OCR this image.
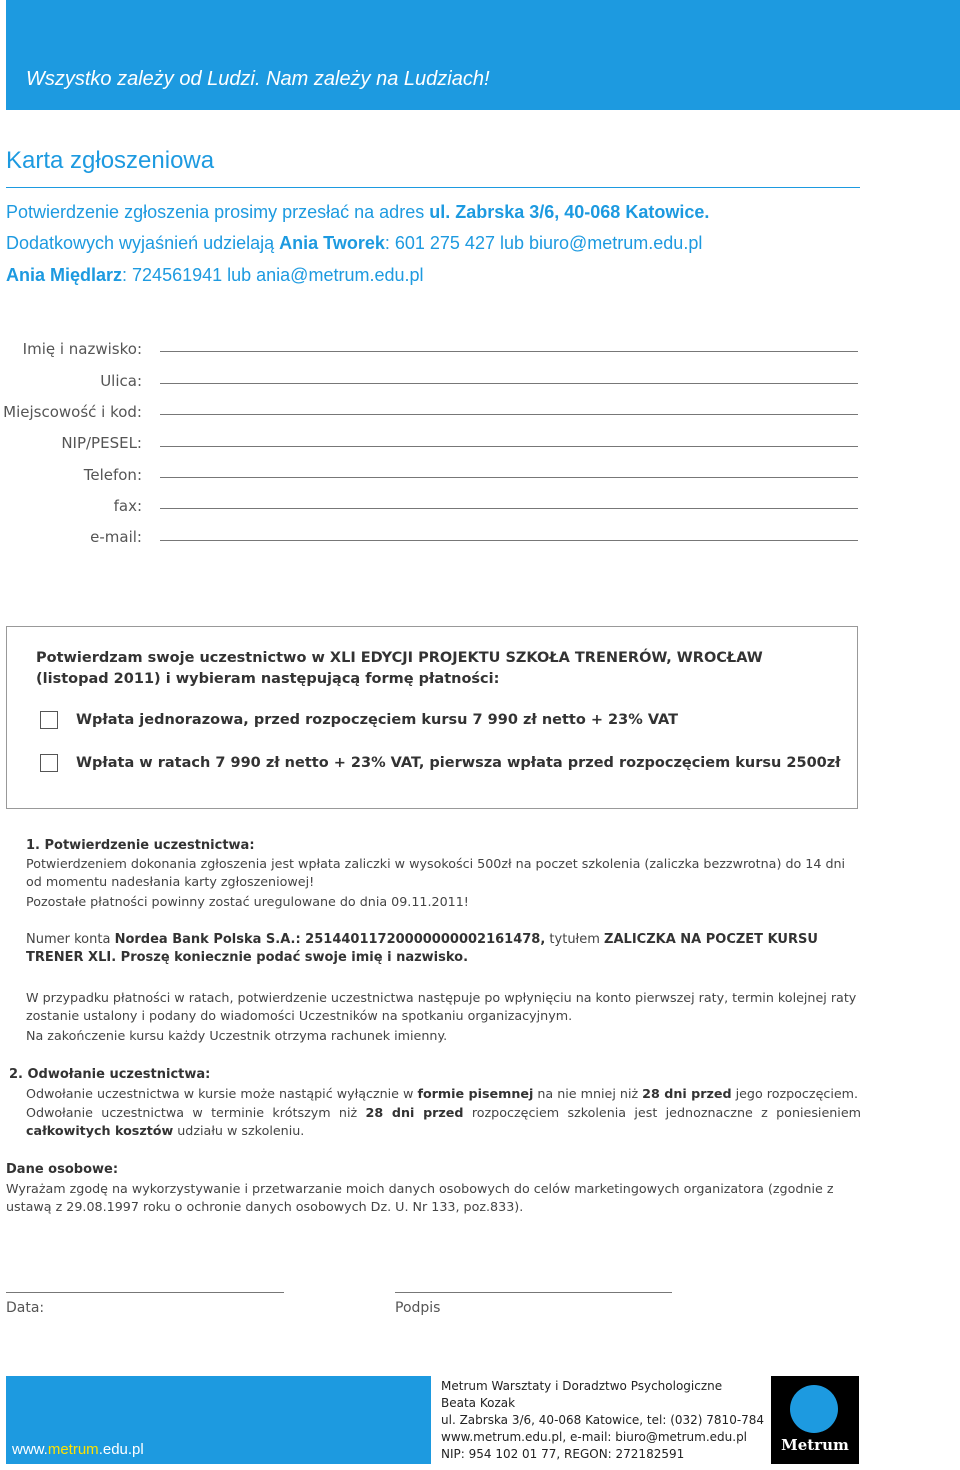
Wszystko zależy od Ludzi. Nam zależy na Ludziach!
Karta zgłoszeniowa
Potwierdzenie zgłoszenia prosimy przesłać na adres ul. Zabrska 3/6, 40-068 Katowice.
Dodatkowych wyjaśnień udzielają Ania Tworek: 601 275 427 lub biuro@metrum.edu.pl
Ania Międlarz: 724561941 lub ania@metrum.edu.pl
Imię i nazwisko:
Ulica:
Miejscowość i kod:
NIP/PESEL:
Telefon:
fax:
e-mail:
Potwierdzam swoje uczestnictwo w XLI EDYCJI PROJEKTU SZKOŁA TRENERÓW, WROCŁAW (listopad 2011) i wybieram następującą formę płatności:
Wpłata jednorazowa, przed rozpoczęciem kursu 7 990 zł netto + 23% VAT
Wpłata w ratach 7 990 zł netto + 23% VAT, pierwsza wpłata przed rozpoczęciem kursu 2500zł
1. Potwierdzenie uczestnictwa:
Potwierdzeniem dokonania zgłoszenia jest wpłata zaliczki w wysokości 500zł na poczet szkolenia (zaliczka bezzwrotna) do 14 dni od momentu nadesłania karty zgłoszeniowej!
Pozostałe płatności powinny zostać uregulowane do dnia 09.11.2011!
Numer konta Nordea Bank Polska S.A.: 25144011720000000002161478, tytułem ZALICZKA NA POCZET KURSU TRENER XLI. Proszę koniecznie podać swoje imię i nazwisko.
W przypadku płatności w ratach, potwierdzenie uczestnictwa następuje po wpłynięciu na konto pierwszej raty, termin kolejnej raty zostanie ustalony i podany do wiadomości Uczestników na spotkaniu organizacyjnym.
Na zakończenie kursu każdy Uczestnik otrzyma rachunek imienny.
2. Odwołanie uczestnictwa:
Odwołanie uczestnictwa w kursie może nastąpić wyłącznie w formie pisemnej na nie mniej niż 28 dni przed jego rozpoczęciem.
Odwołanie uczestnictwa w terminie krótszym niż 28 dni przed rozpoczęciem szkolenia jest jednoznaczne z poniesieniem całkowitych kosztów udziału w szkoleniu.
Dane osobowe:
Wyrażam zgodę na wykorzystywanie i przetwarzanie moich danych osobowych do celów marketingowych organizatora (zgodnie z ustawą z 29.08.1997 roku o ochronie danych osobowych Dz. U. Nr 133, poz.833).
Data:	Podpis
www.metrum.edu.pl
Metrum Warsztaty i Doradztwo Psychologiczne
Beata Kozak
ul. Zabrska 3/6, 40-068 Katowice, tel: (032) 7810-784
www.metrum.edu.pl, e-mail: biuro@metrum.edu.pl
NIP: 954 102 01 77, REGON: 272182591	Metrum
